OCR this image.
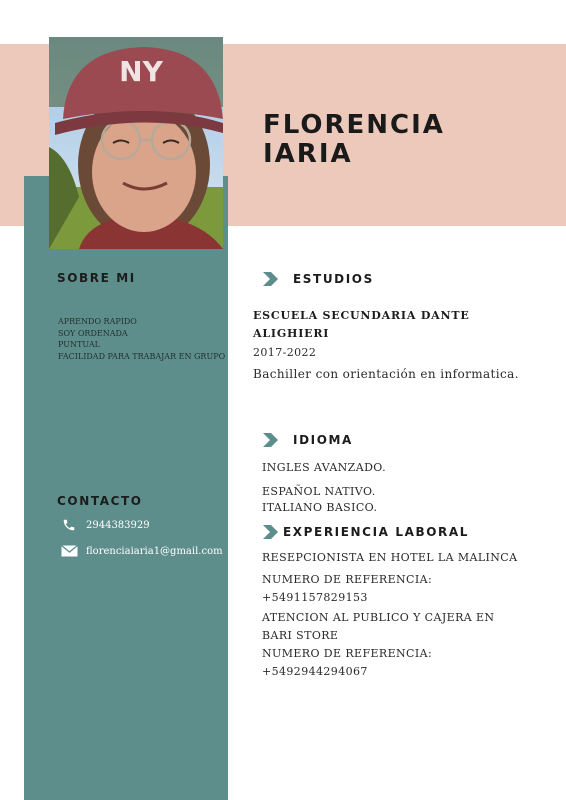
NY
FLORENCIA
IARIA
SOBRE MI
APRENDO RAPIDO
SOY ORDENADA
PUNTUAL
FACILIDAD PARA TRABAJAR EN GRUPO
CONTACTO
2944383929
florenciaiaria1@gmail.com
ESTUDIOS
ESCUELA SECUNDARIA DANTE
ALIGHIERI
2017-2022
Bachiller con orientación en informatica.
IDIOMA
INGLES AVANZADO.
ESPAÑOL NATIVO.
ITALIANO BASICO.
EXPERIENCIA LABORAL
RESEPCIONISTA EN HOTEL LA MALINCA
NUMERO DE REFERENCIA:
+5491157829153
ATENCION AL PUBLICO Y CAJERA EN
BARI STORE
NUMERO DE REFERENCIA:
+5492944294067
